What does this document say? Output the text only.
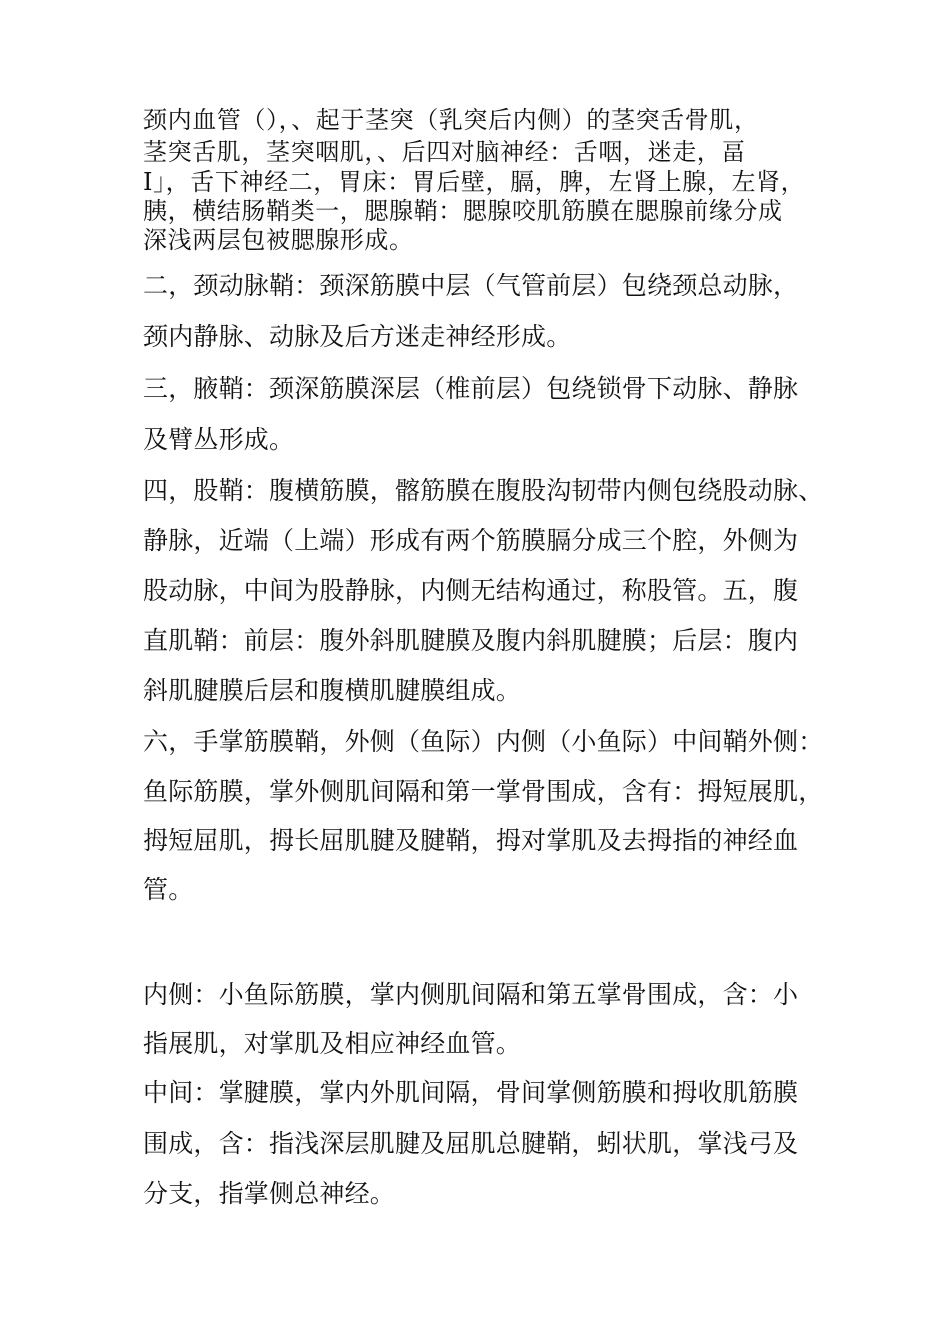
颈内血管（），、起于茎突（乳突后内侧）的茎突舌骨肌，

茎突舌肌，茎突咽肌，、后四对脑神经：舌咽，迷走，畐

I」，舌下神经二，胃床：胃后壁，膈，脾，左肾上腺，左肾，

胰，横结肠鞘类一，腮腺鞘：腮腺咬肌筋膜在腮腺前缘分成

深浅两层包被腮腺形成。

二，颈动脉鞘：颈深筋膜中层（气管前层）包绕颈总动脉，

颈内静脉、动脉及后方迷走神经形成。

三，腋鞘：颈深筋膜深层（椎前层）包绕锁骨下动脉、静脉

及臂丛形成。

四，股鞘：腹横筋膜，髂筋膜在腹股沟韧带内侧包绕股动脉、

静脉，近端（上端）形成有两个筋膜膈分成三个腔，外侧为

股动脉，中间为股静脉，内侧无结构通过，称股管。五，腹

直肌鞘：前层：腹外斜肌腱膜及腹内斜肌腱膜；后层：腹内

斜肌腱膜后层和腹横肌腱膜组成。

六，手掌筋膜鞘，外侧（鱼际）内侧（小鱼际）中间鞘外侧：

鱼际筋膜，掌外侧肌间隔和第一掌骨围成，含有：拇短展肌，

拇短屈肌，拇长屈肌腱及腱鞘，拇对掌肌及去拇指的神经血

管。

内侧：小鱼际筋膜，掌内侧肌间隔和第五掌骨围成，含：小

指展肌，对掌肌及相应神经血管。

中间：掌腱膜，掌内外肌间隔，骨间掌侧筋膜和拇收肌筋膜

围成，含：指浅深层肌腱及屈肌总腱鞘，蚓状肌，掌浅弓及

分支，指掌侧总神经。
